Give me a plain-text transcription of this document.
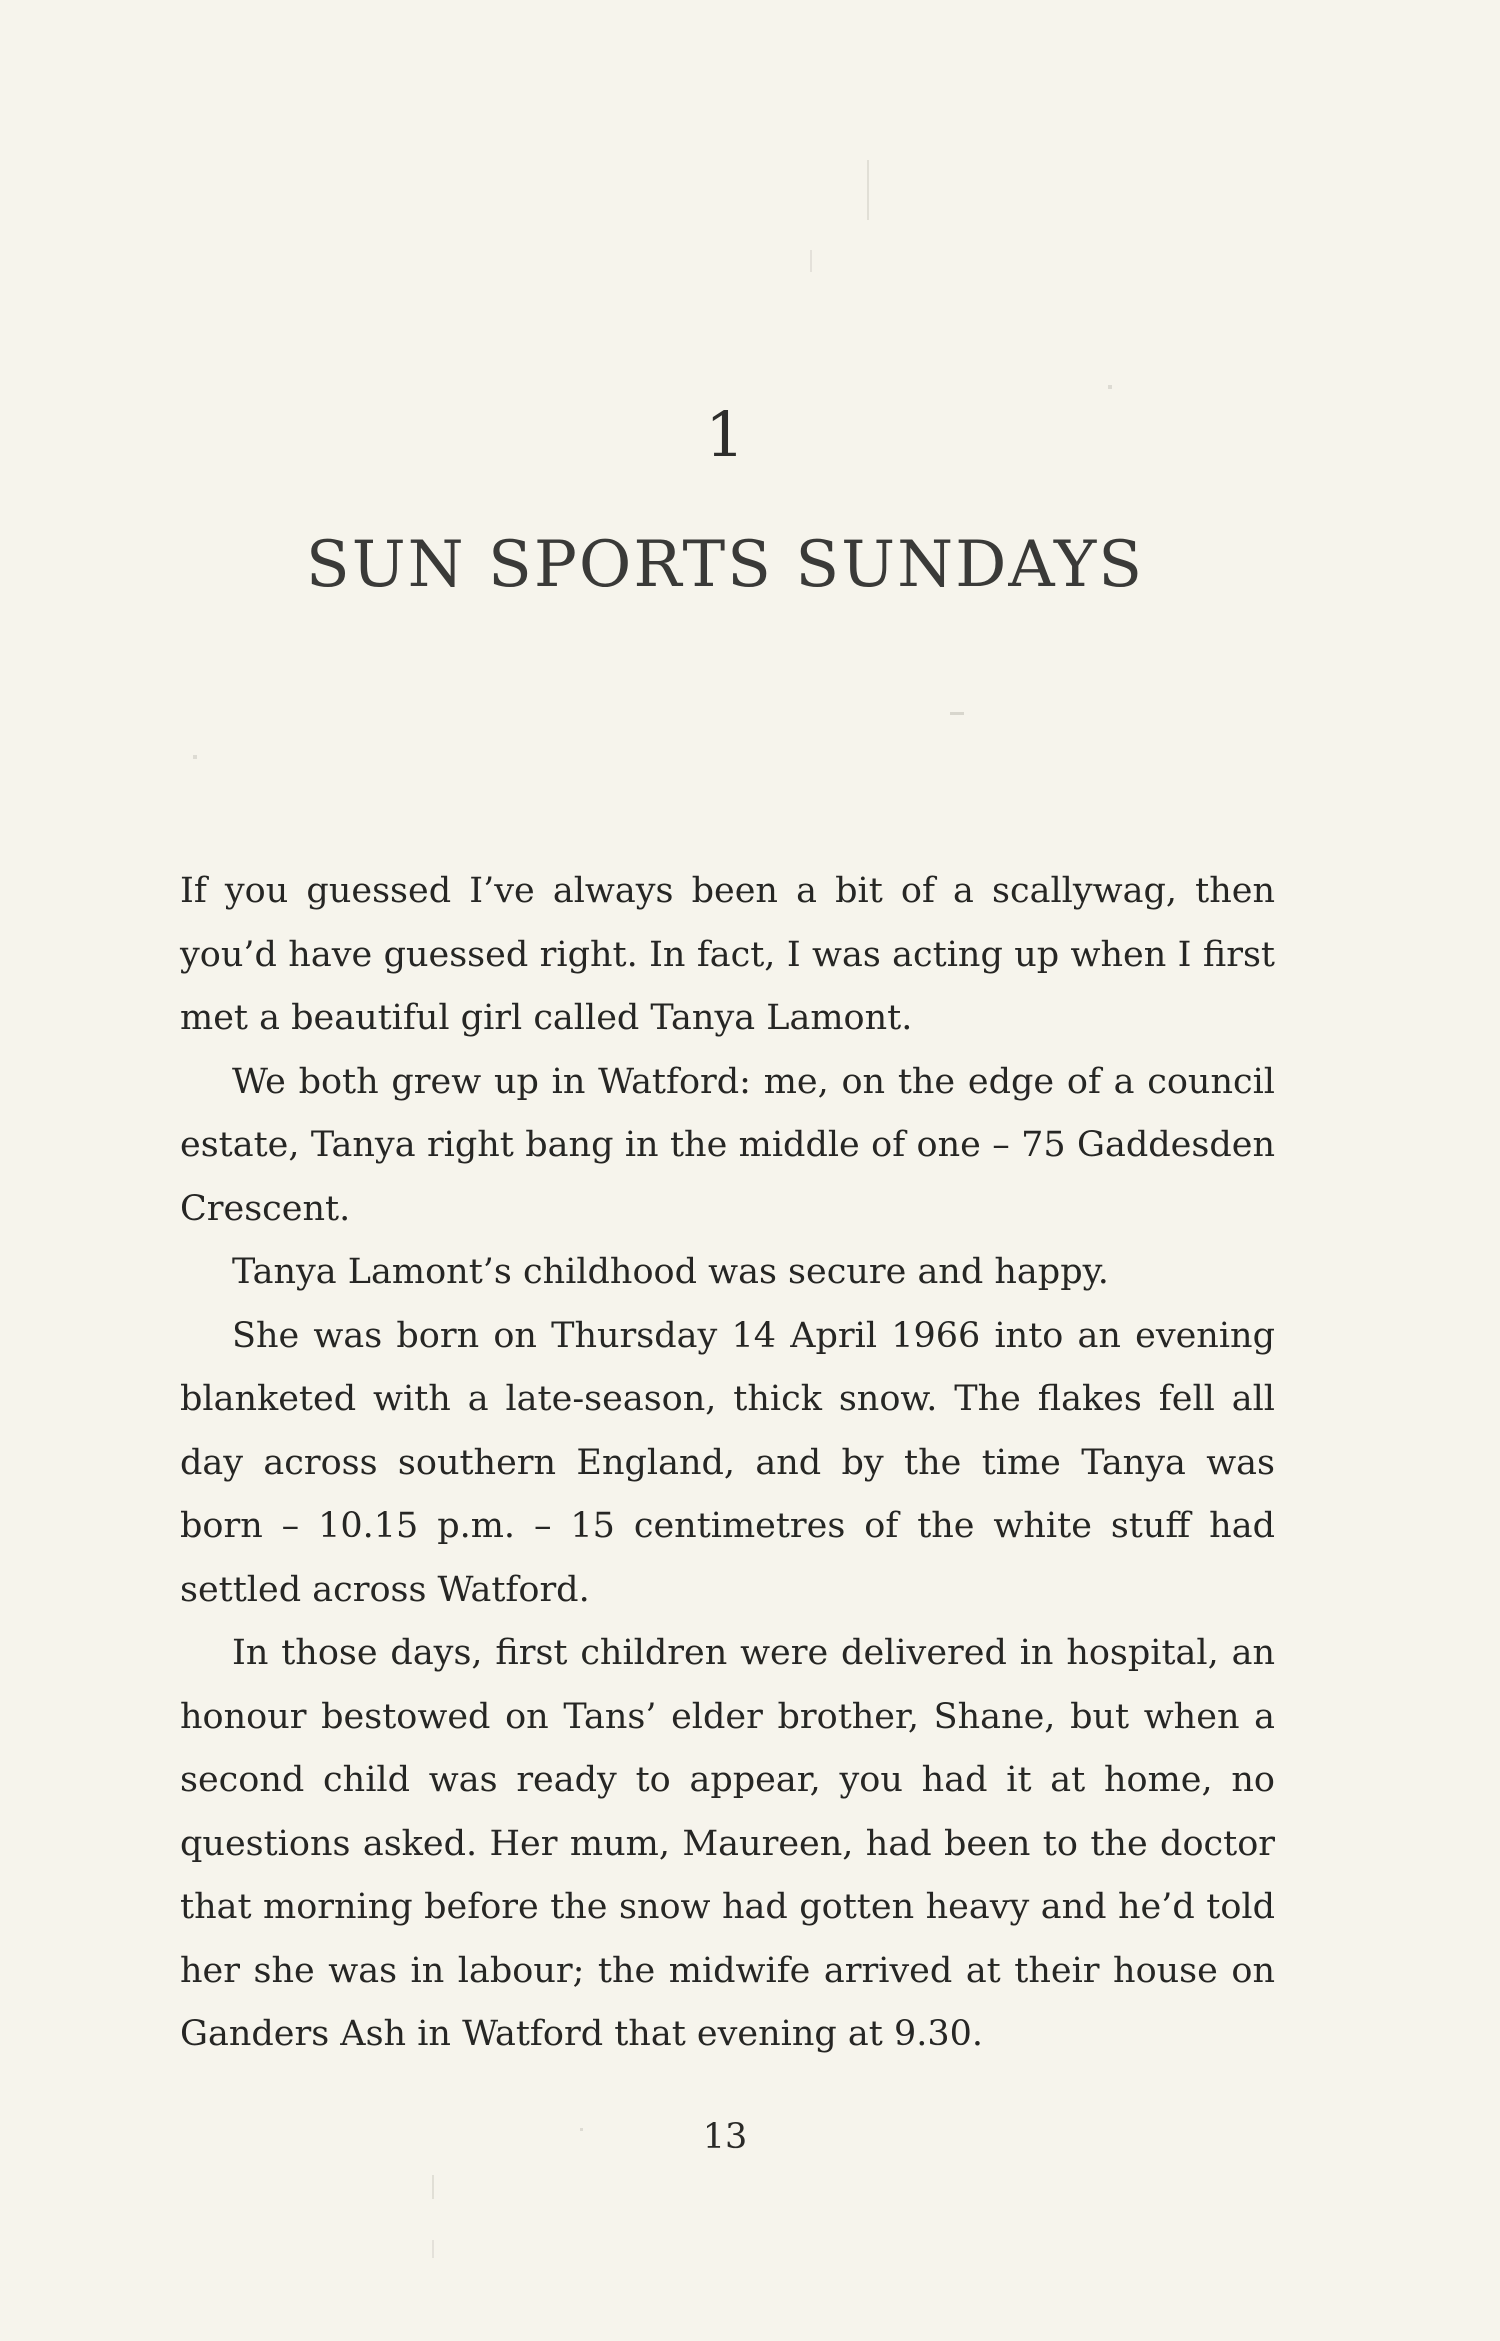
1
SUN SPORTS SUNDAYS

If you guessed I’ve always been a bit of a scallywag, then you’d have guessed right. In fact, I was acting up when I first met a beautiful girl called Tanya Lamont.

We both grew up in Watford: me, on the edge of a council estate, Tanya right bang in the middle of one – 75 Gaddesden Crescent.

Tanya Lamont’s childhood was secure and happy.

She was born on Thursday 14 April 1966 into an evening blanketed with a late-season, thick snow. The flakes fell all day across southern England, and by the time Tanya was born – 10.15 p.m. – 15 centimetres of the white stuff had settled across Watford.

In those days, first children were delivered in hospital, an honour bestowed on Tans’ elder brother, Shane, but when a second child was ready to appear, you had it at home, no questions asked. Her mum, Maureen, had been to the doctor that morning before the snow had gotten heavy and he’d told her she was in labour; the midwife arrived at their house on Ganders Ash in Watford that evening at 9.30.

13
